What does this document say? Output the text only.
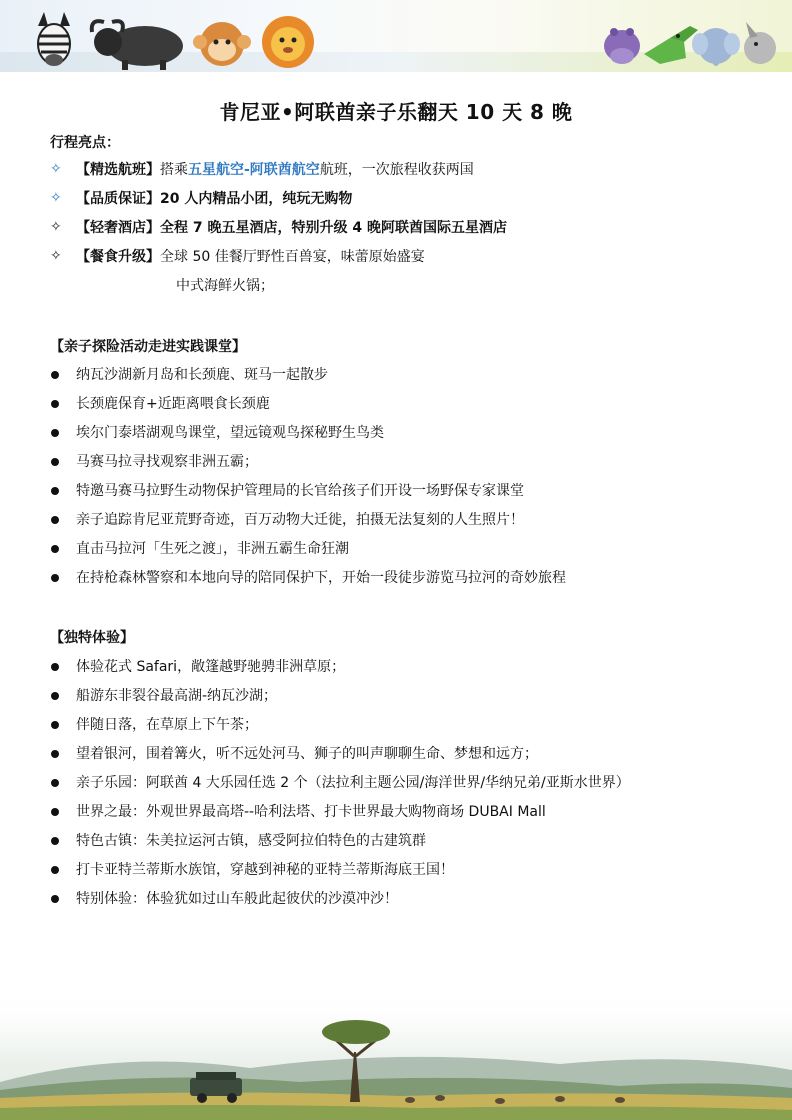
肯尼亚•阿联酋亲子乐翻天 10 天 8 晚
行程亮点：
✧ 【精选航班】搭乘五星航空-阿联酋航空航班，一次旅程收获两国
✧ 【品质保证】20 人内精品小团，纯玩无购物
✧ 【轻奢酒店】全程 7 晚五星酒店，特别升级 4 晚阿联酋国际五星酒店
✧ 【餐食升级】全球 50 佳餐厅野性百兽宴，味蕾原始盛宴
中式海鲜火锅；
【亲子探险活动走进实践课堂】
纳瓦沙湖新月岛和长颈鹿、斑马一起散步
长颈鹿保育+近距离喂食长颈鹿
埃尔门泰塔湖观鸟课堂，望远镜观鸟探秘野生鸟类
马赛马拉寻找观察非洲五霸；
特邀马赛马拉野生动物保护管理局的长官给孩子们开设一场野保专家课堂
亲子追踪肯尼亚荒野奇迹，百万动物大迁徙，拍摄无法复刻的人生照片！
直击马拉河「生死之渡」，非洲五霸生命狂潮
在持枪森林警察和本地向导的陪同保护下，开始一段徒步游览马拉河的奇妙旅程
【独特体验】
体验花式 Safari，敞篷越野驰骋非洲草原；
船游东非裂谷最高湖-纳瓦沙湖；
伴随日落，在草原上下午茶；
望着银河，围着篝火，听不远处河马、狮子的叫声聊聊生命、梦想和远方；
亲子乐园：阿联酋 4 大乐园任选 2 个（法拉利主题公园/海洋世界/华纳兄弟/亚斯水世界）
世界之最：外观世界最高塔--哈利法塔、打卡世界最大购物商场 DUBAI Mall
特色古镇：朱美拉运河古镇，感受阿拉伯特色的古建筑群
打卡亚特兰蒂斯水族馆，穿越到神秘的亚特兰蒂斯海底王国！
特别体验：体验犹如过山车般此起彼伏的沙漠冲沙！
